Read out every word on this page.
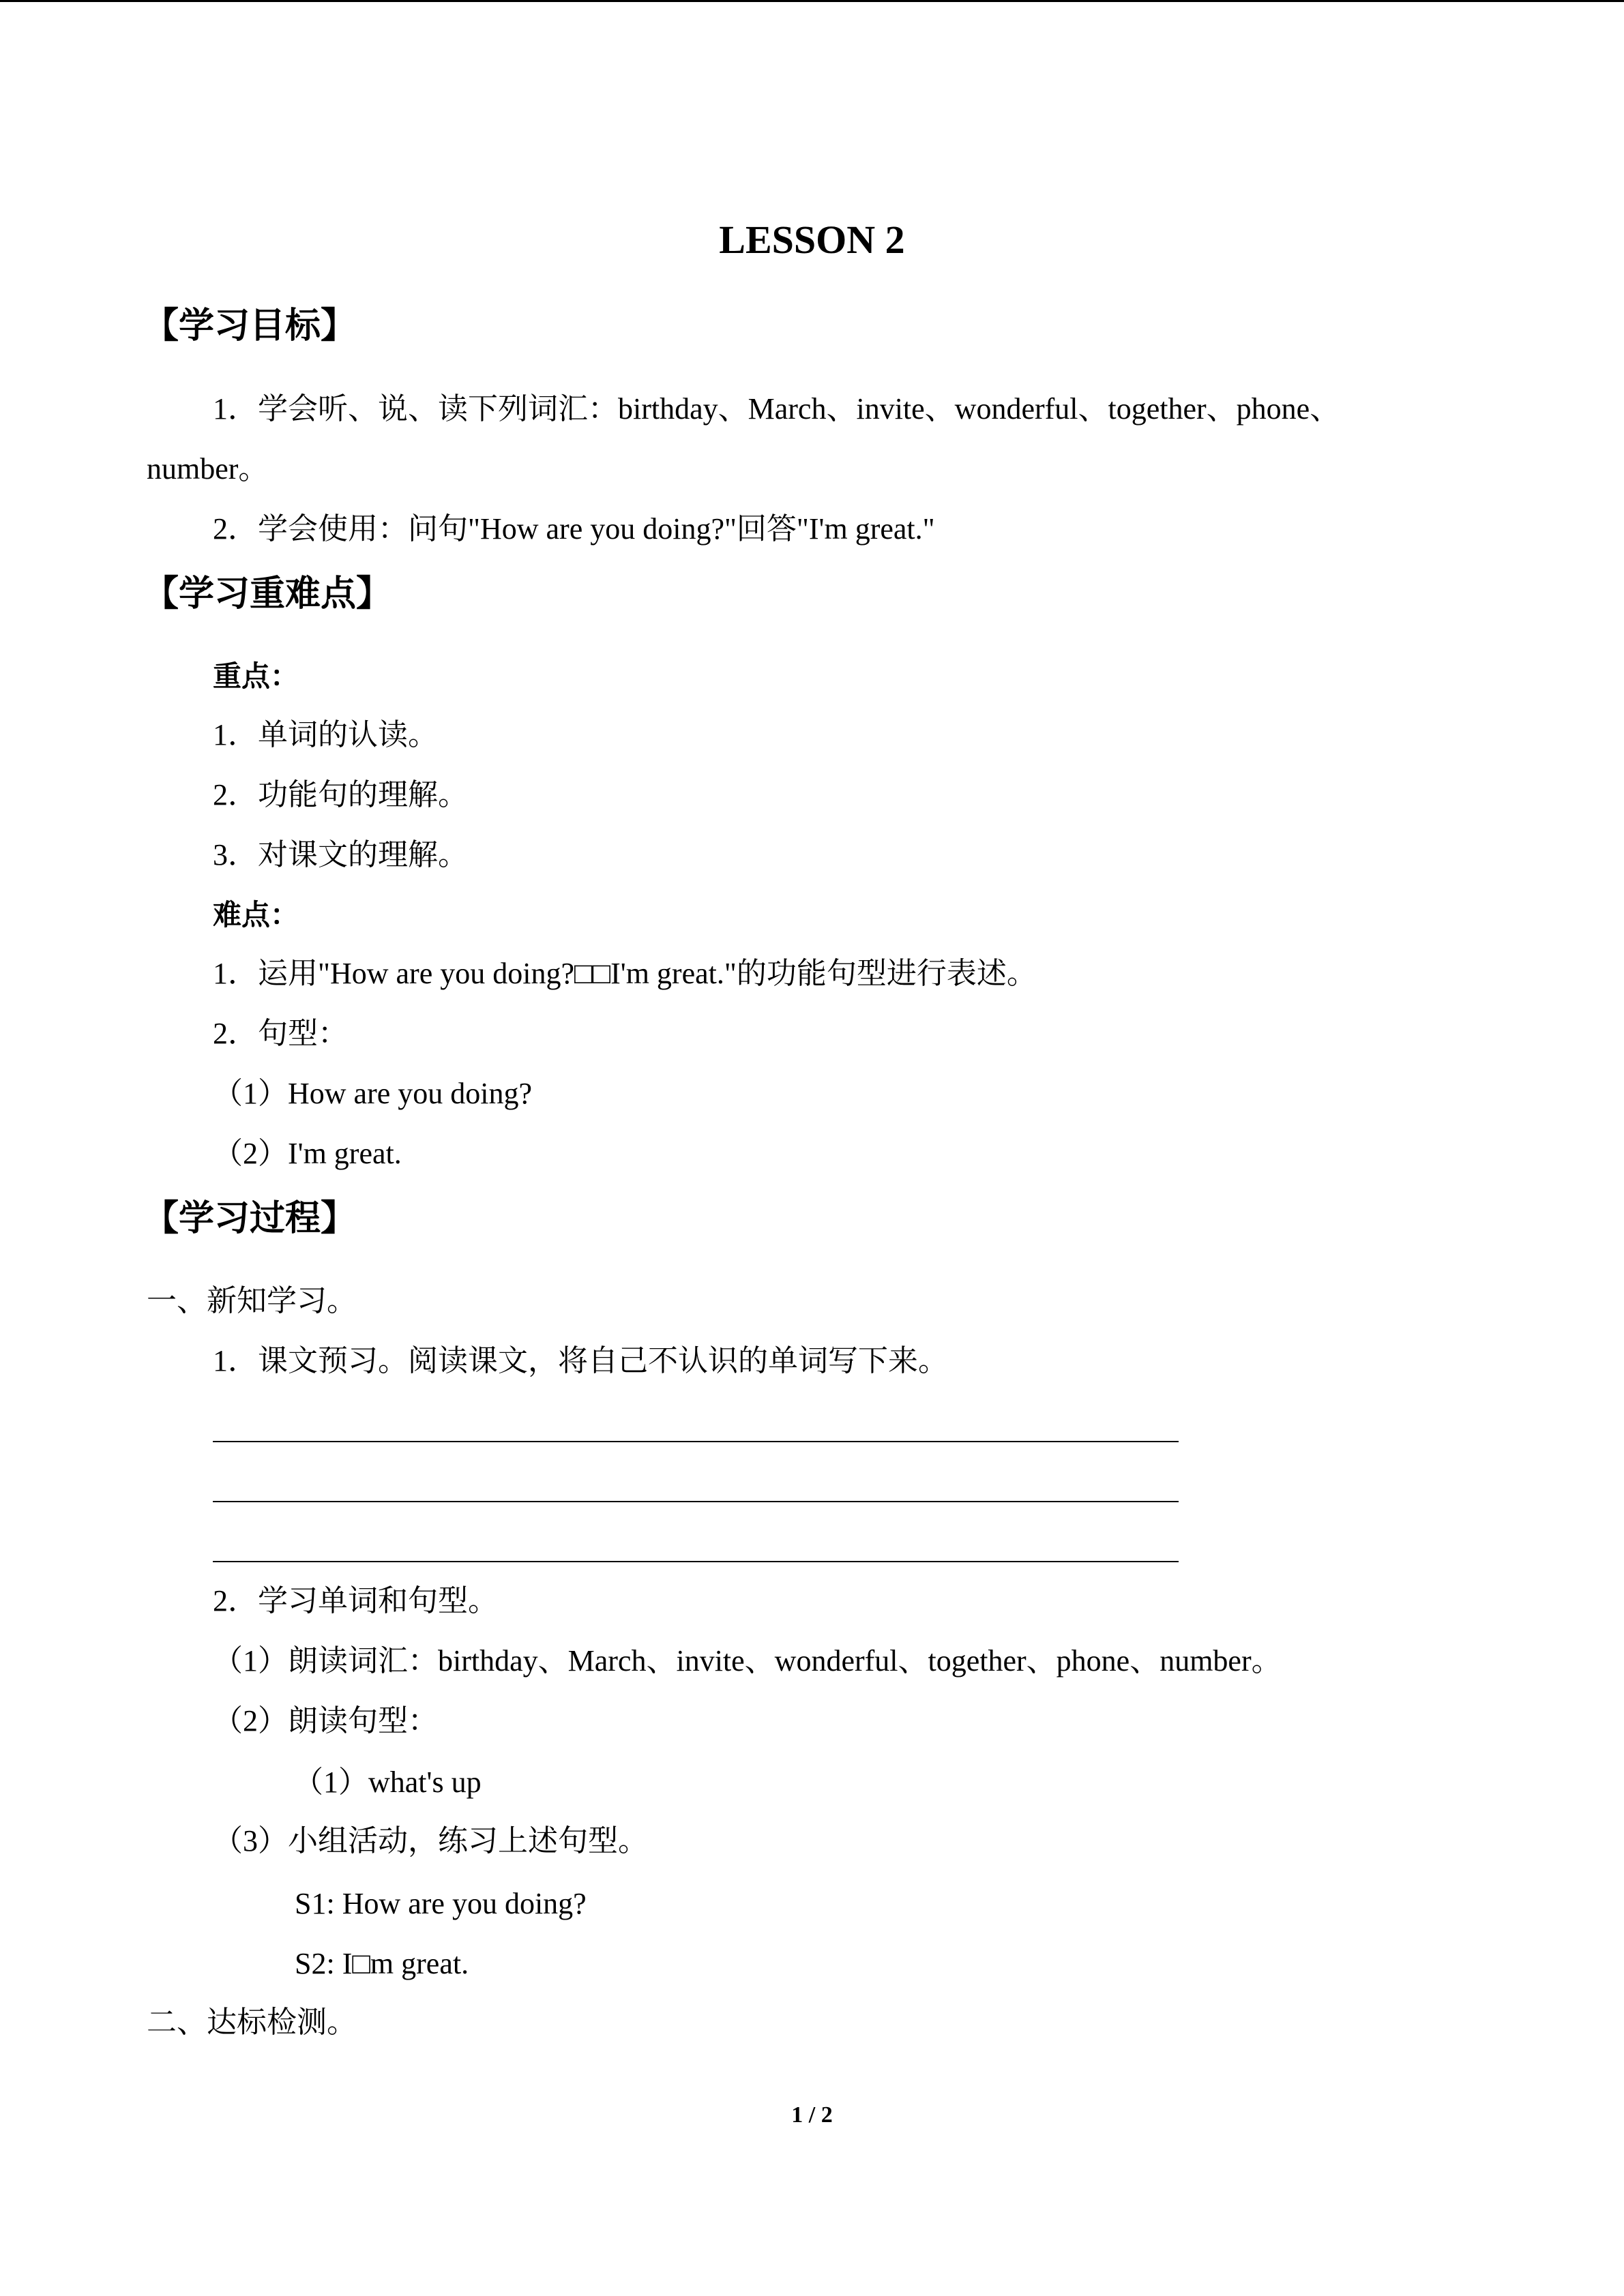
LESSON 2
【学习目标】
1．学会听、说、读下列词汇：birthday、March、invite、wonderful、together、phone、
number。
2．学会使用：问句"How are you doing?"回答"I'm great."
【学习重难点】
重点：
1．单词的认读。
2．功能句的理解。
3．对课文的理解。
难点：
1．运用"How are you doing?□□I'm great."的功能句型进行表述。
2．句型：
（1）How are you doing?
（2）I'm great.
【学习过程】
一、新知学习。
1．课文预习。阅读课文，将自己不认识的单词写下来。
2．学习单词和句型。
（1）朗读词汇：birthday、March、invite、wonderful、together、phone、number。
（2）朗读句型：
（1）what's up
（3）小组活动，练习上述句型。
S1: How are you doing?
S2: I□m great.
二、达标检测。
1 / 2
